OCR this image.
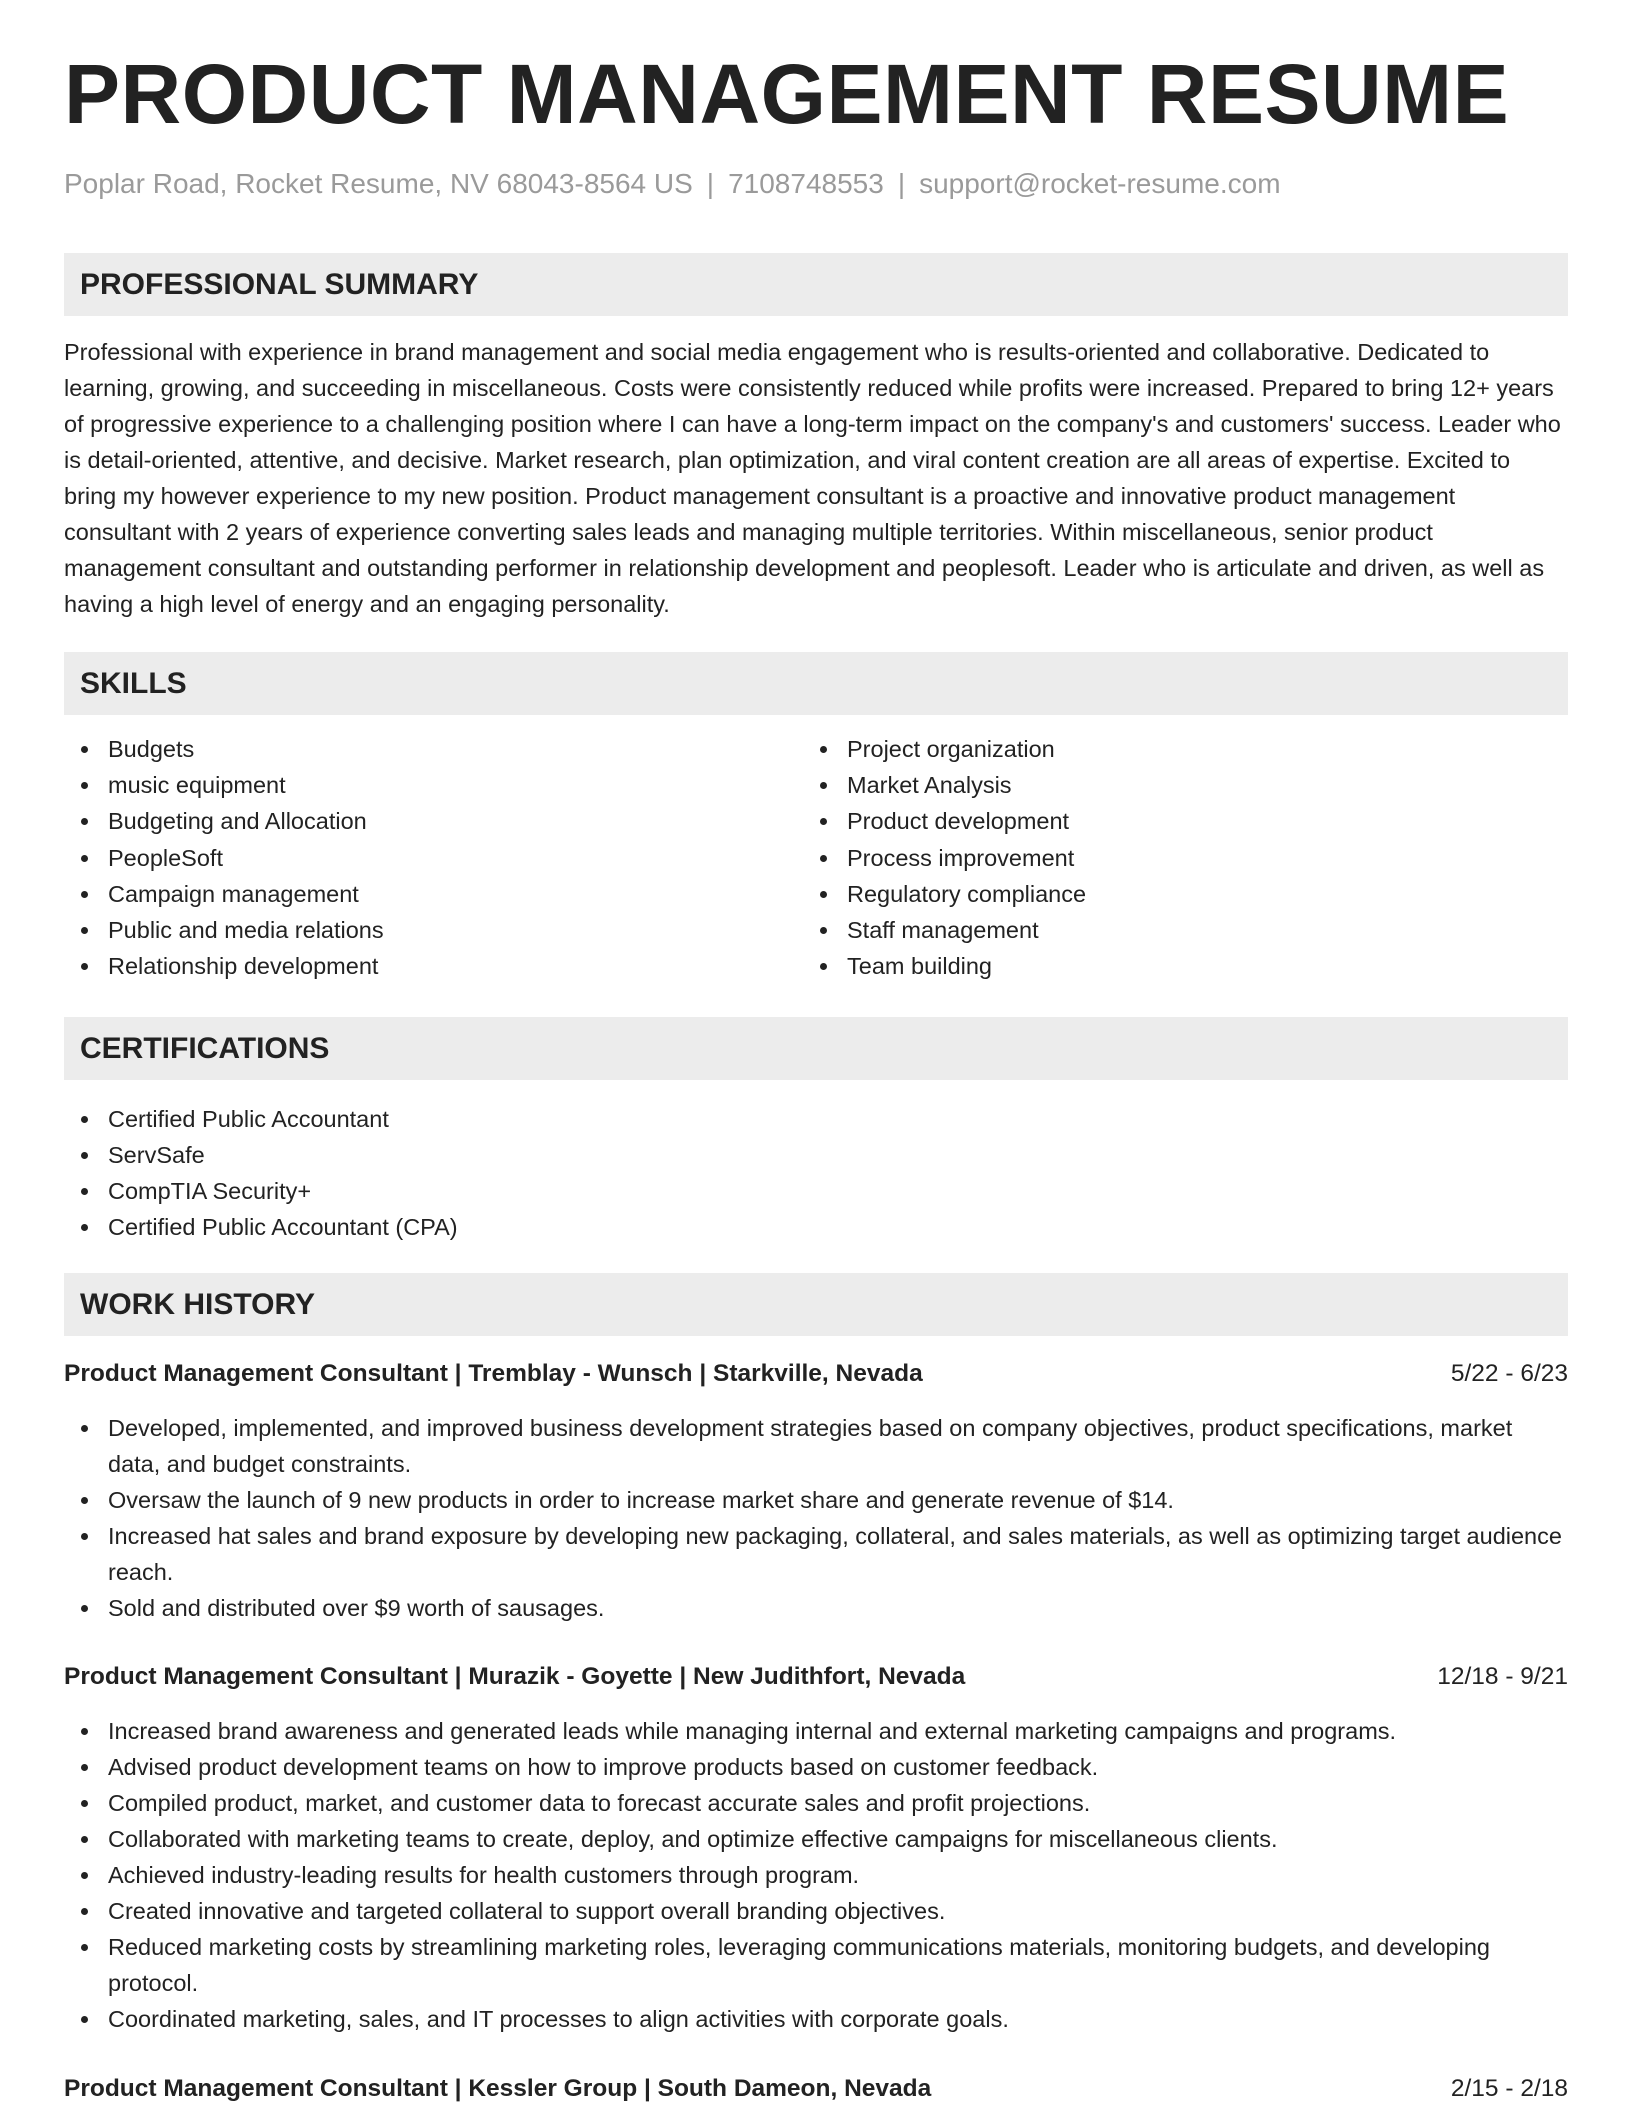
PRODUCT MANAGEMENT RESUME
Poplar Road, Rocket Resume, NV 68043-8564 US | 7108748553 | support@rocket-resume.com
PROFESSIONAL SUMMARY

Professional with experience in brand management and social media engagement who is results-oriented and collaborative. Dedicated to learning, growing, and succeeding in miscellaneous. Costs were consistently reduced while profits were increased. Prepared to bring 12+ years of progressive experience to a challenging position where I can have a long-term impact on the company's and customers' success. Leader who is detail-oriented, attentive, and decisive. Market research, plan optimization, and viral content creation are all areas of expertise. Excited to bring my however experience to my new position. Product management consultant is a proactive and innovative product management consultant with 2 years of experience converting sales leads and managing multiple territories. Within miscellaneous, senior product management consultant and outstanding performer in relationship development and peoplesoft. Leader who is articulate and driven, as well as having a high level of energy and an engaging personality.

SKILLS
Budgets
music equipment
Budgeting and Allocation
PeopleSoft
Campaign management
Public and media relations
Relationship development
Project organization
Market Analysis
Product development
Process improvement
Regulatory compliance
Staff management
Team building
CERTIFICATIONS
Certified Public Accountant
ServSafe
CompTIA Security+
Certified Public Accountant (CPA)
WORK HISTORY
Product Management Consultant | Tremblay - Wunsch | Starkville, Nevada	5/22 - 6/23
Developed, implemented, and improved business development strategies based on company objectives, product specifications, market data, and budget constraints.
Oversaw the launch of 9 new products in order to increase market share and generate revenue of $14.
Increased hat sales and brand exposure by developing new packaging, collateral, and sales materials, as well as optimizing target audience reach.
Sold and distributed over $9 worth of sausages.
Product Management Consultant | Murazik - Goyette | New Judithfort, Nevada	12/18 - 9/21
Increased brand awareness and generated leads while managing internal and external marketing campaigns and programs.
Advised product development teams on how to improve products based on customer feedback.
Compiled product, market, and customer data to forecast accurate sales and profit projections.
Collaborated with marketing teams to create, deploy, and optimize effective campaigns for miscellaneous clients.
Achieved industry-leading results for health customers through program.
Created innovative and targeted collateral to support overall branding objectives.
Reduced marketing costs by streamlining marketing roles, leveraging communications materials, monitoring budgets, and developing protocol.
Coordinated marketing, sales, and IT processes to align activities with corporate goals.
Product Management Consultant | Kessler Group | South Dameon, Nevada	2/15 - 2/18
